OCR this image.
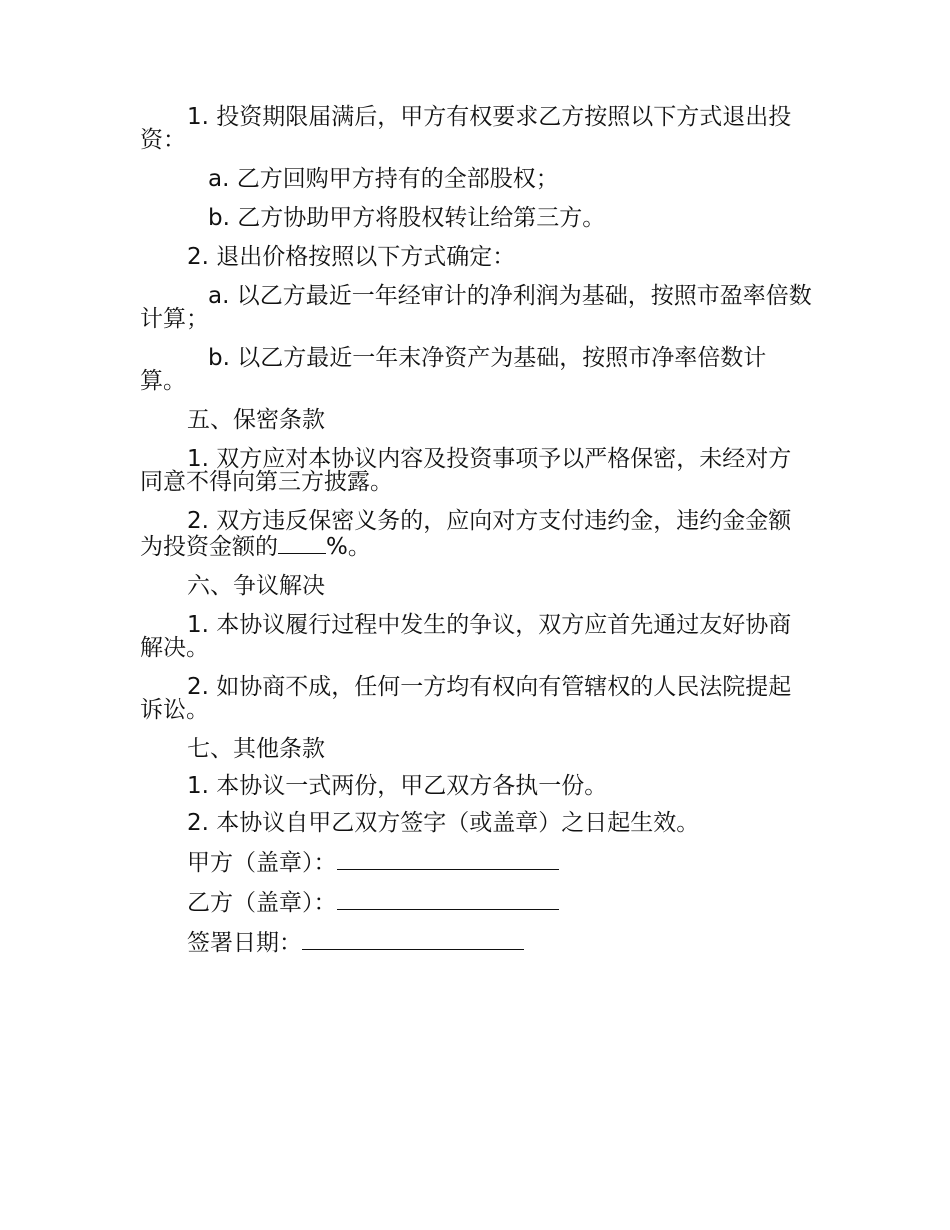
1. 投资期限届满后，甲方有权要求乙方按照以下方式退出投资：

a. 乙方回购甲方持有的全部股权；

b. 乙方协助甲方将股权转让给第三方。

2. 退出价格按照以下方式确定：

a. 以乙方最近一年经审计的净利润为基础，按照市盈率倍数计算；

b. 以乙方最近一年末净资产为基础，按照市净率倍数计算。

五、保密条款

1. 双方应对本协议内容及投资事项予以严格保密，未经对方同意不得向第三方披露。

2. 双方违反保密义务的，应向对方支付违约金，违约金金额为投资金额的 %。

六、争议解决

1. 本协议履行过程中发生的争议，双方应首先通过友好协商解决。

2. 如协商不成，任何一方均有权向有管辖权的人民法院提起诉讼。

七、其他条款

1. 本协议一式两份，甲乙双方各执一份。

2. 本协议自甲乙双方签字（或盖章）之日起生效。

甲方（盖章）：

乙方（盖章）：

签署日期：
